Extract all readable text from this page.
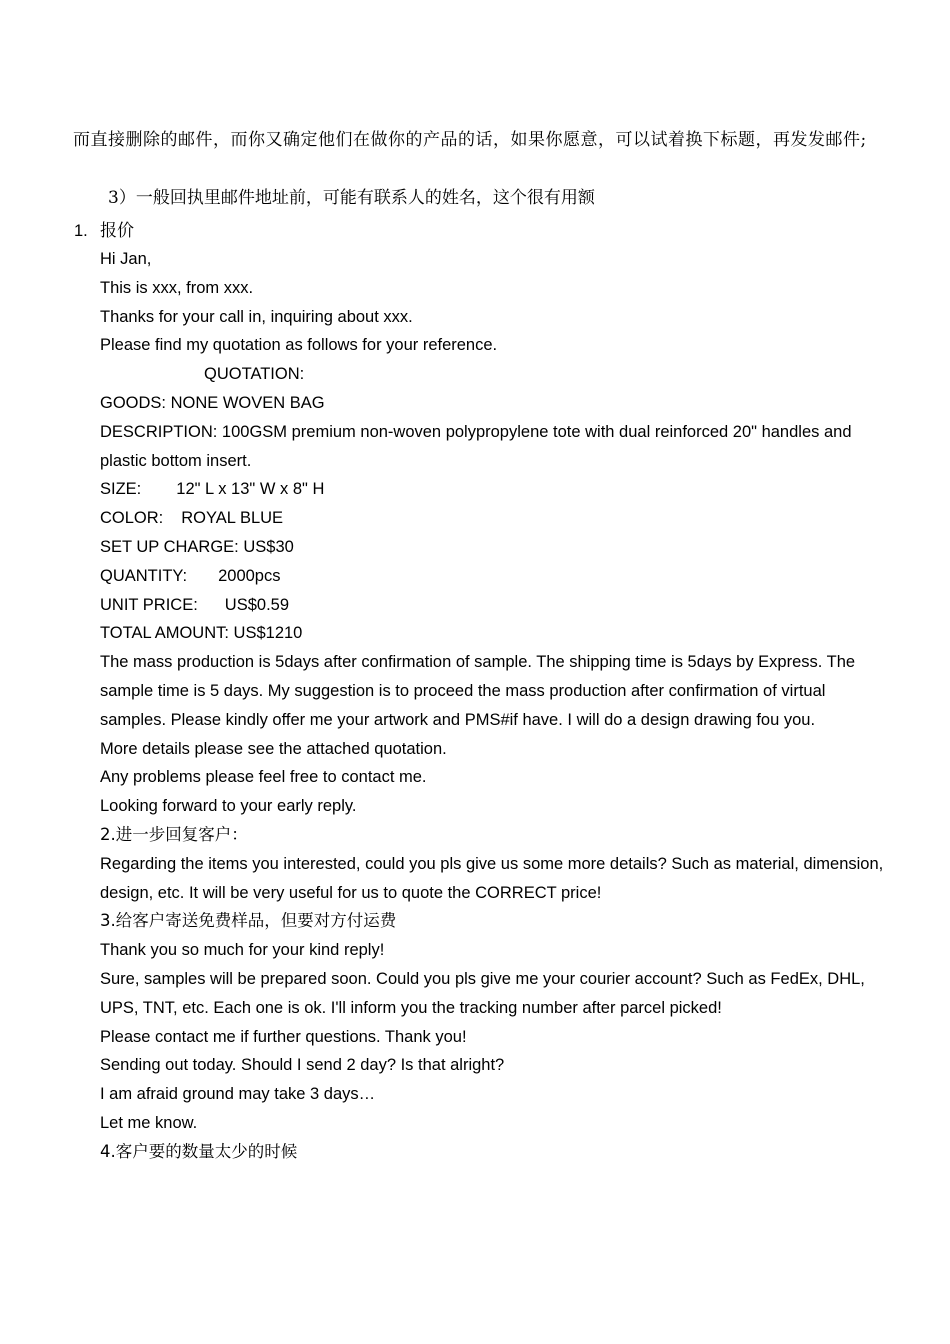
而直接删除的邮件，而你又确定他们在做你的产品的话，如果你愿意，可以试着换下标题，再发发邮件;
3）一般回执里邮件地址前，可能有联系人的姓名，这个很有用额
1. 报价
Hi Jan,
This is xxx, from xxx.
Thanks for your call in, inquiring about xxx.
Please find my quotation as follows for your reference.
QUOTATION:
GOODS: NONE WOVEN BAG
DESCRIPTION: 100GSM premium non-woven polypropylene tote with dual reinforced 20" handles and plastic bottom insert.
SIZE: 12" L x 13" W x 8" H
COLOR: ROYAL BLUE
SET UP CHARGE: US$30
QUANTITY: 2000pcs
UNIT PRICE: US$0.59
TOTAL AMOUNT: US$1210
The mass production is 5days after confirmation of sample. The shipping time is 5days by Express. The sample time is 5 days. My suggestion is to proceed the mass production after confirmation of virtual samples. Please kindly offer me your artwork and PMS#if have. I will do a design drawing fou you.
More details please see the attached quotation.
Any problems please feel free to contact me.
Looking forward to your early reply.
2.进一步回复客户：
Regarding the items you interested, could you pls give us some more details? Such as material, dimension, design, etc. It will be very useful for us to quote the CORRECT price!
3.给客户寄送免费样品，但要对方付运费
Thank you so much for your kind reply!
Sure, samples will be prepared soon. Could you pls give me your courier account? Such as FedEx, DHL, UPS, TNT, etc. Each one is ok. I'll inform you the tracking number after parcel picked!
Please contact me if further questions. Thank you!
Sending out today. Should I send 2 day? Is that alright?
I am afraid ground may take 3 days…
Let me know.
4.客户要的数量太少的时候
